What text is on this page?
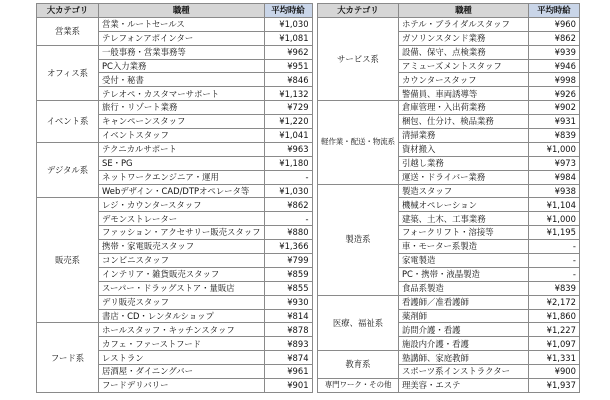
大カテゴリ	職種	平均時給
営業系	営業・ルートセールス	¥1,030
	テレフォンアポインター	¥1,081
オフィス系	一般事務・営業事務等	¥962
	PC入力業務	¥951
	受付・秘書	¥846
	テレオペ・カスタマーサポート	¥1,132
イベント系	旅行・リゾート業務	¥729
	キャンペーンスタッフ	¥1,220
	イベントスタッフ	¥1,041
デジタル系	テクニカルサポート	¥963
	SE・PG	¥1,180
	ネットワークエンジニア・運用	-
	Webデザイン・CAD/DTPオペレータ等	¥1,030
販売系	レジ・カウンタースタッフ	¥862
	デモンストレーター	-
	ファッション・アクセサリー販売スタッフ	¥880
	携帯・家電販売スタッフ	¥1,366
	コンビニスタッフ	¥799
	インテリア・雑貨販売スタッフ	¥859
	スーパー・ドラッグストア・量販店	¥855
	デリ販売スタッフ	¥930
	書店・CD・レンタルショップ	¥814
フード系	ホールスタッフ・キッチンスタッフ	¥878
	カフェ・ファーストフード	¥893
	レストラン	¥874
	居酒屋・ダイニングバー	¥961
	フードデリバリー	¥901
大カテゴリ	職種	平均時給
サービス系	ホテル・ブライダルスタッフ	¥960
	ガソリンスタンド業務	¥862
	設備、保守、点検業務	¥939
	アミューズメントスタッフ	¥946
	カウンタースタッフ	¥998
	警備員、車両誘導等	¥926
軽作業・配送・物流系	倉庫管理・入出荷業務	¥902
	梱包、仕分け、検品業務	¥931
	清掃業務	¥839
	資材搬入	¥1,000
	引越し業務	¥973
	運送・ドライバー業務	¥984
製造系	製造スタッフ	¥938
	機械オペレーション	¥1,104
	建築、土木、工事業務	¥1,000
	フォークリフト・溶接等	¥1,195
	車・モーター系製造	-
	家電製造	-
	PC・携帯・液晶製造	-
	食品系製造	¥839
医療、福祉系	看護師／准看護師	¥2,172
	薬剤師	¥1,860
	訪問介護・看護	¥1,227
	施設内介護・看護	¥1,097
教育系	塾講師、家庭教師	¥1,331
	スポーツ系インストラクター	¥900
専門ワーク・その他	理美容・エステ	¥1,937
